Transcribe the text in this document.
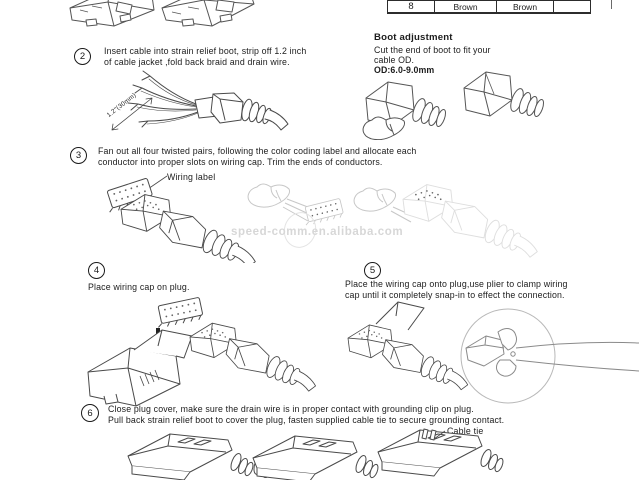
8	Brown	Brown
2 Insert cable into strain relief boot, strip off 1.2 inch
of cable jacket ,fold back braid and drain wire.
1.2"(30mm)
Boot adjustment
Cut the end of boot to fit your
cable OD.
OD:6.0-9.0mm
3 Fan out all four twisted pairs, following the color coding label and allocate each
conductor into proper slots on wiring cap. Trim the ends of conductors.
Wiring label
speed-comm.en.alibaba.com
4
Place wiring cap on plug.
5
Place the wiring cap onto plug,use plier to clamp wiring
cap until it completely snap-in to effect the connection.
6 Close plug cover, make sure the drain wire is in proper contact with grounding clip on plug.
Pull back strain relief boot to cover the plug, fasten supplied cable tie to secure grounding contact.
Cable tie
